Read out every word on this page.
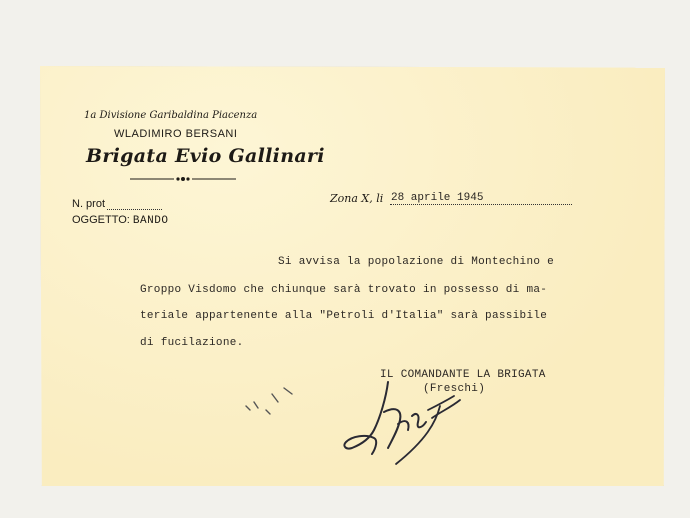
1a Divisione Garibaldina Piacenza
WLADIMIRO BERSANI
Brigata Evio Gallinari
N. prot
OGGETTO: BANDO
Zona X, li 28 aprile 1945
Si avvisa la popolazione di Montechino e
Groppo Visdomo che chiunque sarà trovato in possesso di ma-
teriale appartenente alla "Petroli d'Italia" sarà passibile
di fucilazione.
IL COMANDANTE LA BRIGATA
(Freschi)
